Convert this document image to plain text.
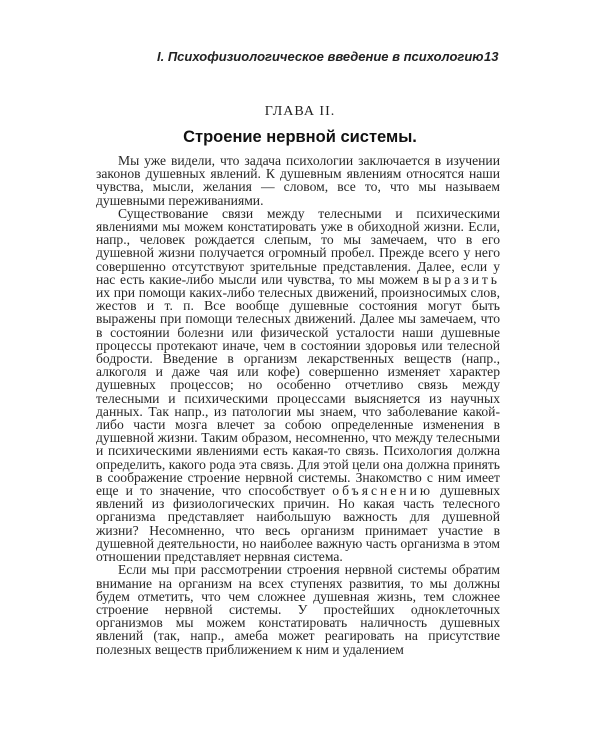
I. Психофизиологическое введение в психологию 13
ГЛАВА II.
Строение нервной системы.

Мы уже видели, что задача психологии заключается в изучении законов душевных явлений. К душевным явлениям относятся наши чувства, мысли, желания — словом, все то, что мы называем душевными переживаниями.

Существование связи между телесными и психическими явлениями мы можем констатировать уже в обиходной жизни. Если, напр., человек рождается слепым, то мы замечаем, что в его душевной жизни получается огромный пробел. Прежде всего у него совершенно отсутствуют зрительные представления. Далее, если у нас есть какие-либо мысли или чувства, то мы можем выразить их при помощи каких-либо телесных движений, произносимых слов, жестов и т. п. Все вообще душевные состояния могут быть выражены при помощи телесных движений. Далее мы замечаем, что в состоянии болезни или физической усталости наши душевные процессы протекают иначе, чем в состоянии здоровья или телесной бодрости. Введение в организм лекарственных веществ (напр., алкоголя и даже чая или кофе) совершенно изменяет характер душевных процессов; но особенно отчетливо связь между телесными и психическими процессами выясняется из научных данных. Так напр., из патологии мы знаем, что заболевание какой-либо части мозга влечет за собою определенные изменения в душевной жизни. Таким образом, несомненно, что между телесными и психическими явлениями есть какая-то связь. Психология должна определить, какого рода эта связь. Для этой цели она должна принять в соображение строение нервной системы. Знакомство с ним имеет еще и то значение, что способствует объяснению душевных явлений из физиологических причин. Но какая часть телесного организма представляет наибольшую важность для душевной жизни? Несомненно, что весь организм принимает участие в душевной деятельности, но наиболее важную часть организма в этом отношении представляет нервная система.

Если мы при рассмотрении строения нервной системы обратим внимание на организм на всех ступенях развития, то мы должны будем отметить, что чем сложнее душевная жизнь, тем сложнее строение нервной системы. У простейших одноклеточных организмов мы можем констатировать наличность душевных явлений (так, напр., амеба может реагировать на присутствие полезных веществ приближением к ним и удалением
